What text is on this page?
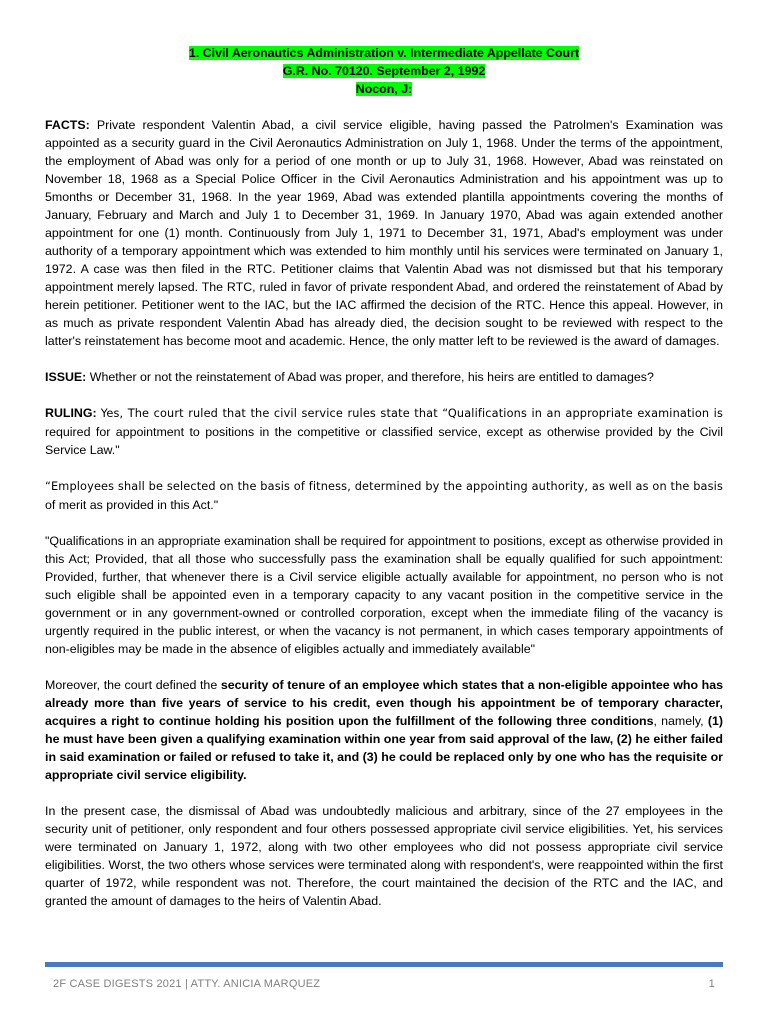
1. Civil Aeronautics Administration v. Intermediate Appellate Court
G.R. No. 70120. September 2, 1992
Nocon, J:

FACTS: Private respondent Valentin Abad, a civil service eligible, having passed the Patrolmen's Examination was appointed as a security guard in the Civil Aeronautics Administration on July 1, 1968. Under the terms of the appointment, the employment of Abad was only for a period of one month or up to July 31, 1968. However, Abad was reinstated on November 18, 1968 as a Special Police Officer in the Civil Aeronautics Administration and his appointment was up to 5months or December 31, 1968. In the year 1969, Abad was extended plantilla appointments covering the months of January, February and March and July 1 to December 31, 1969. In January 1970, Abad was again extended another appointment for one (1) month. Continuously from July 1, 1971 to December 31, 1971, Abad's employment was under authority of a temporary appointment which was extended to him monthly until his services were terminated on January 1, 1972. A case was then filed in the RTC. Petitioner claims that Valentin Abad was not dismissed but that his temporary appointment merely lapsed. The RTC, ruled in favor of private respondent Abad, and ordered the reinstatement of Abad by herein petitioner. Petitioner went to the IAC, but the IAC affirmed the decision of the RTC. Hence this appeal. However, in as much as private respondent Valentin Abad has already died, the decision sought to be reviewed with respect to the latter's reinstatement has become moot and academic. Hence, the only matter left to be reviewed is the award of damages.

ISSUE: Whether or not the reinstatement of Abad was proper, and therefore, his heirs are entitled to damages?

RULING: Yes, The court ruled that the civil service rules state that “Qualifications in an appropriate examination is required for appointment to positions in the competitive or classified service, except as otherwise provided by the Civil Service Law."

“Employees shall be selected on the basis of fitness, determined by the appointing authority, as well as on the basis of merit as provided in this Act."

"Qualifications in an appropriate examination shall be required for appointment to positions, except as otherwise provided in this Act; Provided, that all those who successfully pass the examination shall be equally qualified for such appointment: Provided, further, that whenever there is a Civil service eligible actually available for appointment, no person who is not such eligible shall be appointed even in a temporary capacity to any vacant position in the competitive service in the government or in any government-owned or controlled corporation, except when the immediate filing of the vacancy is urgently required in the public interest, or when the vacancy is not permanent, in which cases temporary appointments of non-eligibles may be made in the absence of eligibles actually and immediately available"

Moreover, the court defined the security of tenure of an employee which states that a non-eligible appointee who has already more than five years of service to his credit, even though his appointment be of temporary character, acquires a right to continue holding his position upon the fulfillment of the following three conditions, namely, (1) he must have been given a qualifying examination within one year from said approval of the law, (2) he either failed in said examination or failed or refused to take it, and (3) he could be replaced only by one who has the requisite or appropriate civil service eligibility.

In the present case, the dismissal of Abad was undoubtedly malicious and arbitrary, since of the 27 employees in the security unit of petitioner, only respondent and four others possessed appropriate civil service eligibilities. Yet, his services were terminated on January 1, 1972, along with two other employees who did not possess appropriate civil service eligibilities. Worst, the two others whose services were terminated along with respondent's, were reappointed within the first quarter of 1972, while respondent was not. Therefore, the court maintained the decision of the RTC and the IAC, and granted the amount of damages to the heirs of Valentin Abad.

2F CASE DIGESTS 2021 | ATTY. ANICIA MARQUEZ	1
